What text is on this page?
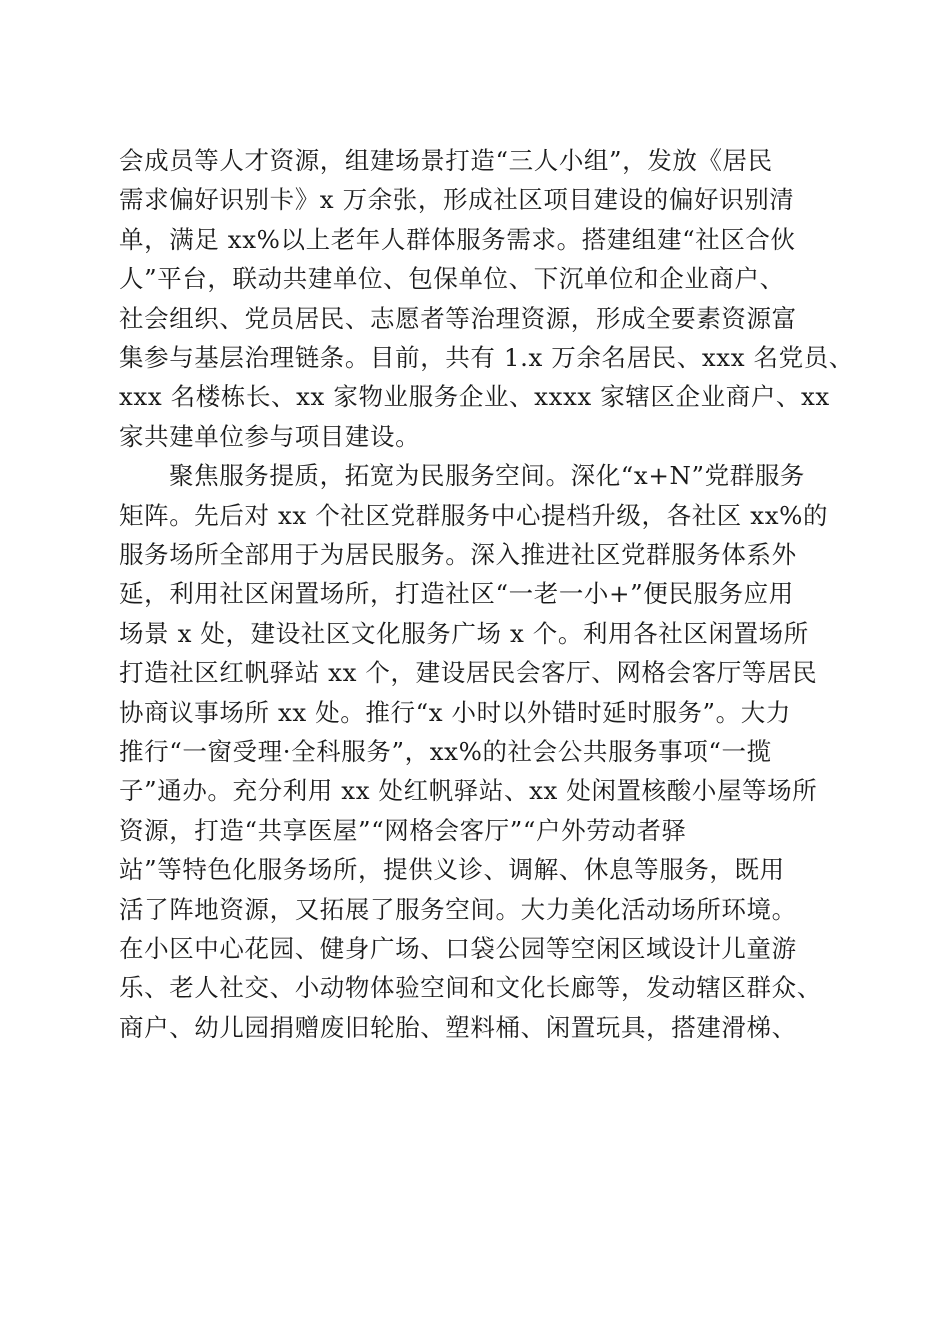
会成员等人才资源，组建场景打造“三人小组”，发放《居民
需求偏好识别卡》x 万余张，形成社区项目建设的偏好识别清
单，满足 xx%以上老年人群体服务需求。搭建组建“社区合伙
人”平台，联动共建单位、包保单位、下沉单位和企业商户、
社会组织、党员居民、志愿者等治理资源，形成全要素资源富
集参与基层治理链条。目前，共有 1.x 万余名居民、xxx 名党员、
xxx 名楼栋长、xx 家物业服务企业、xxxx 家辖区企业商户、xx
家共建单位参与项目建设。
聚焦服务提质，拓宽为民服务空间。深化“x+N”党群服务
矩阵。先后对 xx 个社区党群服务中心提档升级，各社区 xx%的
服务场所全部用于为居民服务。深入推进社区党群服务体系外
延，利用社区闲置场所，打造社区“一老一小+”便民服务应用
场景 x 处，建设社区文化服务广场 x 个。利用各社区闲置场所
打造社区红帆驿站 xx 个，建设居民会客厅、网格会客厅等居民
协商议事场所 xx 处。推行“x 小时以外错时延时服务”。大力
推行“一窗受理·全科服务”，xx%的社会公共服务事项“一揽
子”通办。充分利用 xx 处红帆驿站、xx 处闲置核酸小屋等场所
资源，打造“共享医屋”“网格会客厅”“户外劳动者驿
站”等特色化服务场所，提供义诊、调解、休息等服务，既用
活了阵地资源，又拓展了服务空间。大力美化活动场所环境。
在小区中心花园、健身广场、口袋公园等空闲区域设计儿童游
乐、老人社交、小动物体验空间和文化长廊等，发动辖区群众、
商户、幼儿园捐赠废旧轮胎、塑料桶、闲置玩具，搭建滑梯、
